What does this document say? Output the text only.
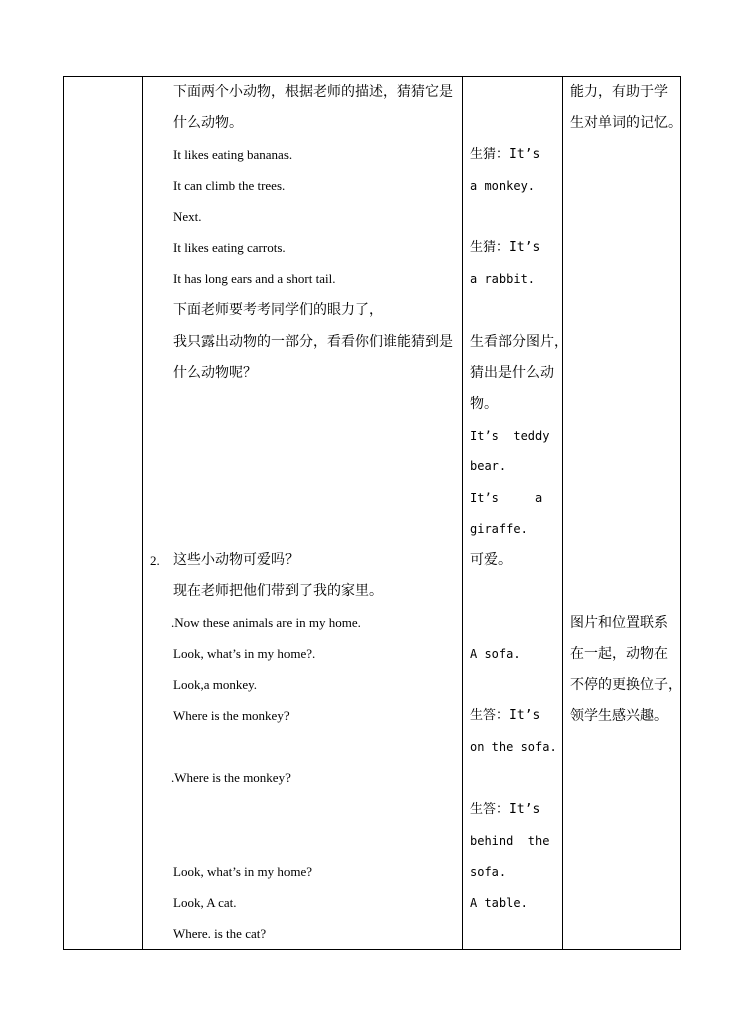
下面两个小动物，根据老师的描述，猜猜它是
什么动物。
It likes eating bananas.
It can climb the trees.
Next.
It likes eating carrots.
It has long ears and a short tail.
下面老师要考考同学们的眼力了，
我只露出动物的一部分，看看你们谁能猜到是
什么动物呢？
2. 这些小动物可爱吗？
现在老师把他们带到了我的家里。
.Now these animals are in my home.
Look, what’s in my home?.
Look,a monkey.
Where is the monkey?
.Where is the monkey?
Look, what’s in my home?
Look, A cat.
Where. is the cat?
生猜：It’s
a monkey.
生猜：It’s
a rabbit.
生看部分图片，
猜出是什么动
物。
It’s  teddy
bear.
It’s     a
giraffe.
可爱。
A sofa.
生答：It’s
on the sofa.
生答：It’s
behind  the
sofa.
A table.
能力，有助于学
生对单词的记忆。
图片和位置联系
在一起，动物在
不停的更换位子，
领学生感兴趣。
